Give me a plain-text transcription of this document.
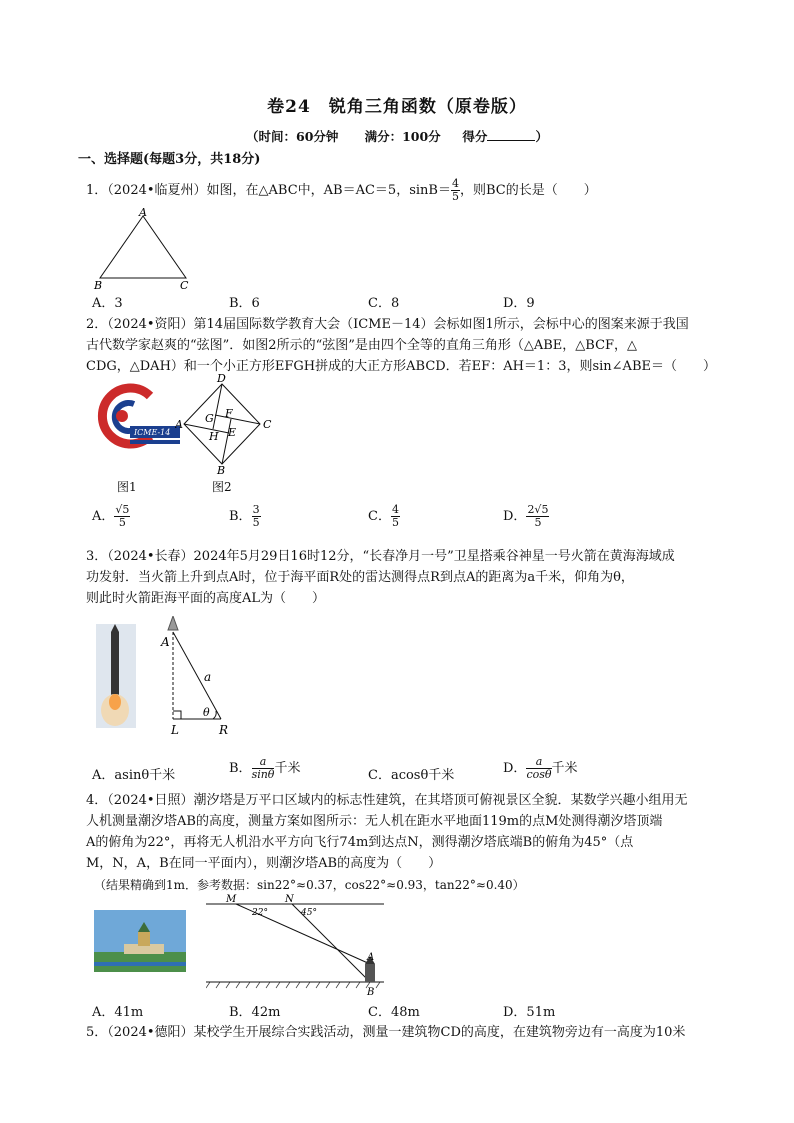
卷24　锐角三角函数（原卷版）
（时间：60分钟 满分：100分 得分	）
一、选择题(每题3分，共18分)
1．（2024•临夏州）如图，在△ABC中，AB＝AC＝5，$\sin B= \frac{4}{5}$ ，则BC的长是（　　）
A
B	C
A．3	B．6	C．8	D．9
2．（2024•资阳）第14届国际数学教育大会（ICME－14）会标如图1所示，会标中心的图案来源于我国
古代数学家赵爽的“弦图”．如图2所示的“弦图”是由四个全等的直角三角形（△ABE，△BCF，△
CDG，△DAH）和一个小正方形EFGH拼成的大正方形ABCD．若EF：AH＝1：3，则sin∠ABE＝（　　）
ICME-14
D
A	C
B
G F
H E
图1	图2
A． $\frac{√5}{5}$	B． $\frac{3}{5}$	C． $\frac{4}{5}$	D． $\frac{2√5}{5}$
3．（2024•长春）2024年5月29日16时12分，“长春净月一号”卫星搭乘谷神星一号火箭在黄海海域成
功发射．当火箭上升到点A时，位于海平面R处的雷达测得点R到点A的距离为a千米，仰角为θ，
则此时火箭距海平面的高度AL为（　　）
A
L	R
a
θ
A．asinθ千米	B． $\frac{a}{\sin\theta}$ 千米	C．acosθ千米	D． $\frac{a}{\cos\theta}$ 千米
4．（2024•日照）潮汐塔是万平口区域内的标志性建筑，在其塔顶可俯视景区全貌．某数学兴趣小组用无
人机测量潮汐塔AB的高度，测量方案如图所示：无人机在距水平地面119m的点M处测得潮汐塔顶端
A的俯角为22°，再将无人机沿水平方向飞行74m到达点N，测得潮汐塔底端B的俯角为45°（点
M，N，A，B在同一平面内），则潮汐塔AB的高度为（　　）
（结果精确到1m．参考数据：sin22°≈0.37，cos22°≈0.93，tan22°≈0.40）
M	N
22°	45°
A
B
A．41m	B．42m	C．48m	D．51m
5．（2024•德阳）某校学生开展综合实践活动，测量一建筑物CD的高度，在建筑物旁边有一高度为10米
